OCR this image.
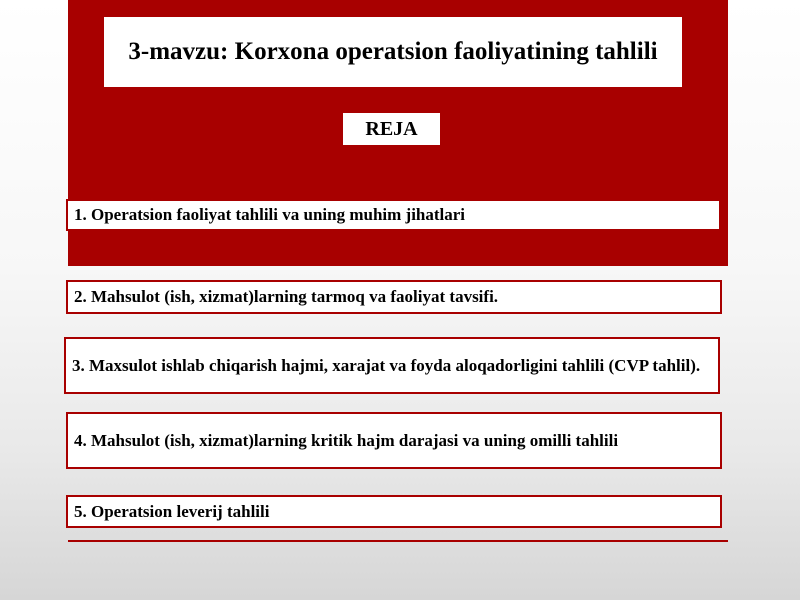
3-mavzu: Korxona operatsion faoliyatining tahlili
REJA
1. Operatsion faoliyat tahlili va uning muhim jihatlari
2. Mahsulot (ish, xizmat)larning tarmoq va faoliyat tavsifi.
3. Maxsulot ishlab chiqarish hajmi, xarajat va foyda aloqadorligini tahlili (CVP tahlil).
4. Mahsulot (ish, xizmat)larning kritik hajm darajasi va uning omilli tahlili
5. Operatsion leverij tahlili
